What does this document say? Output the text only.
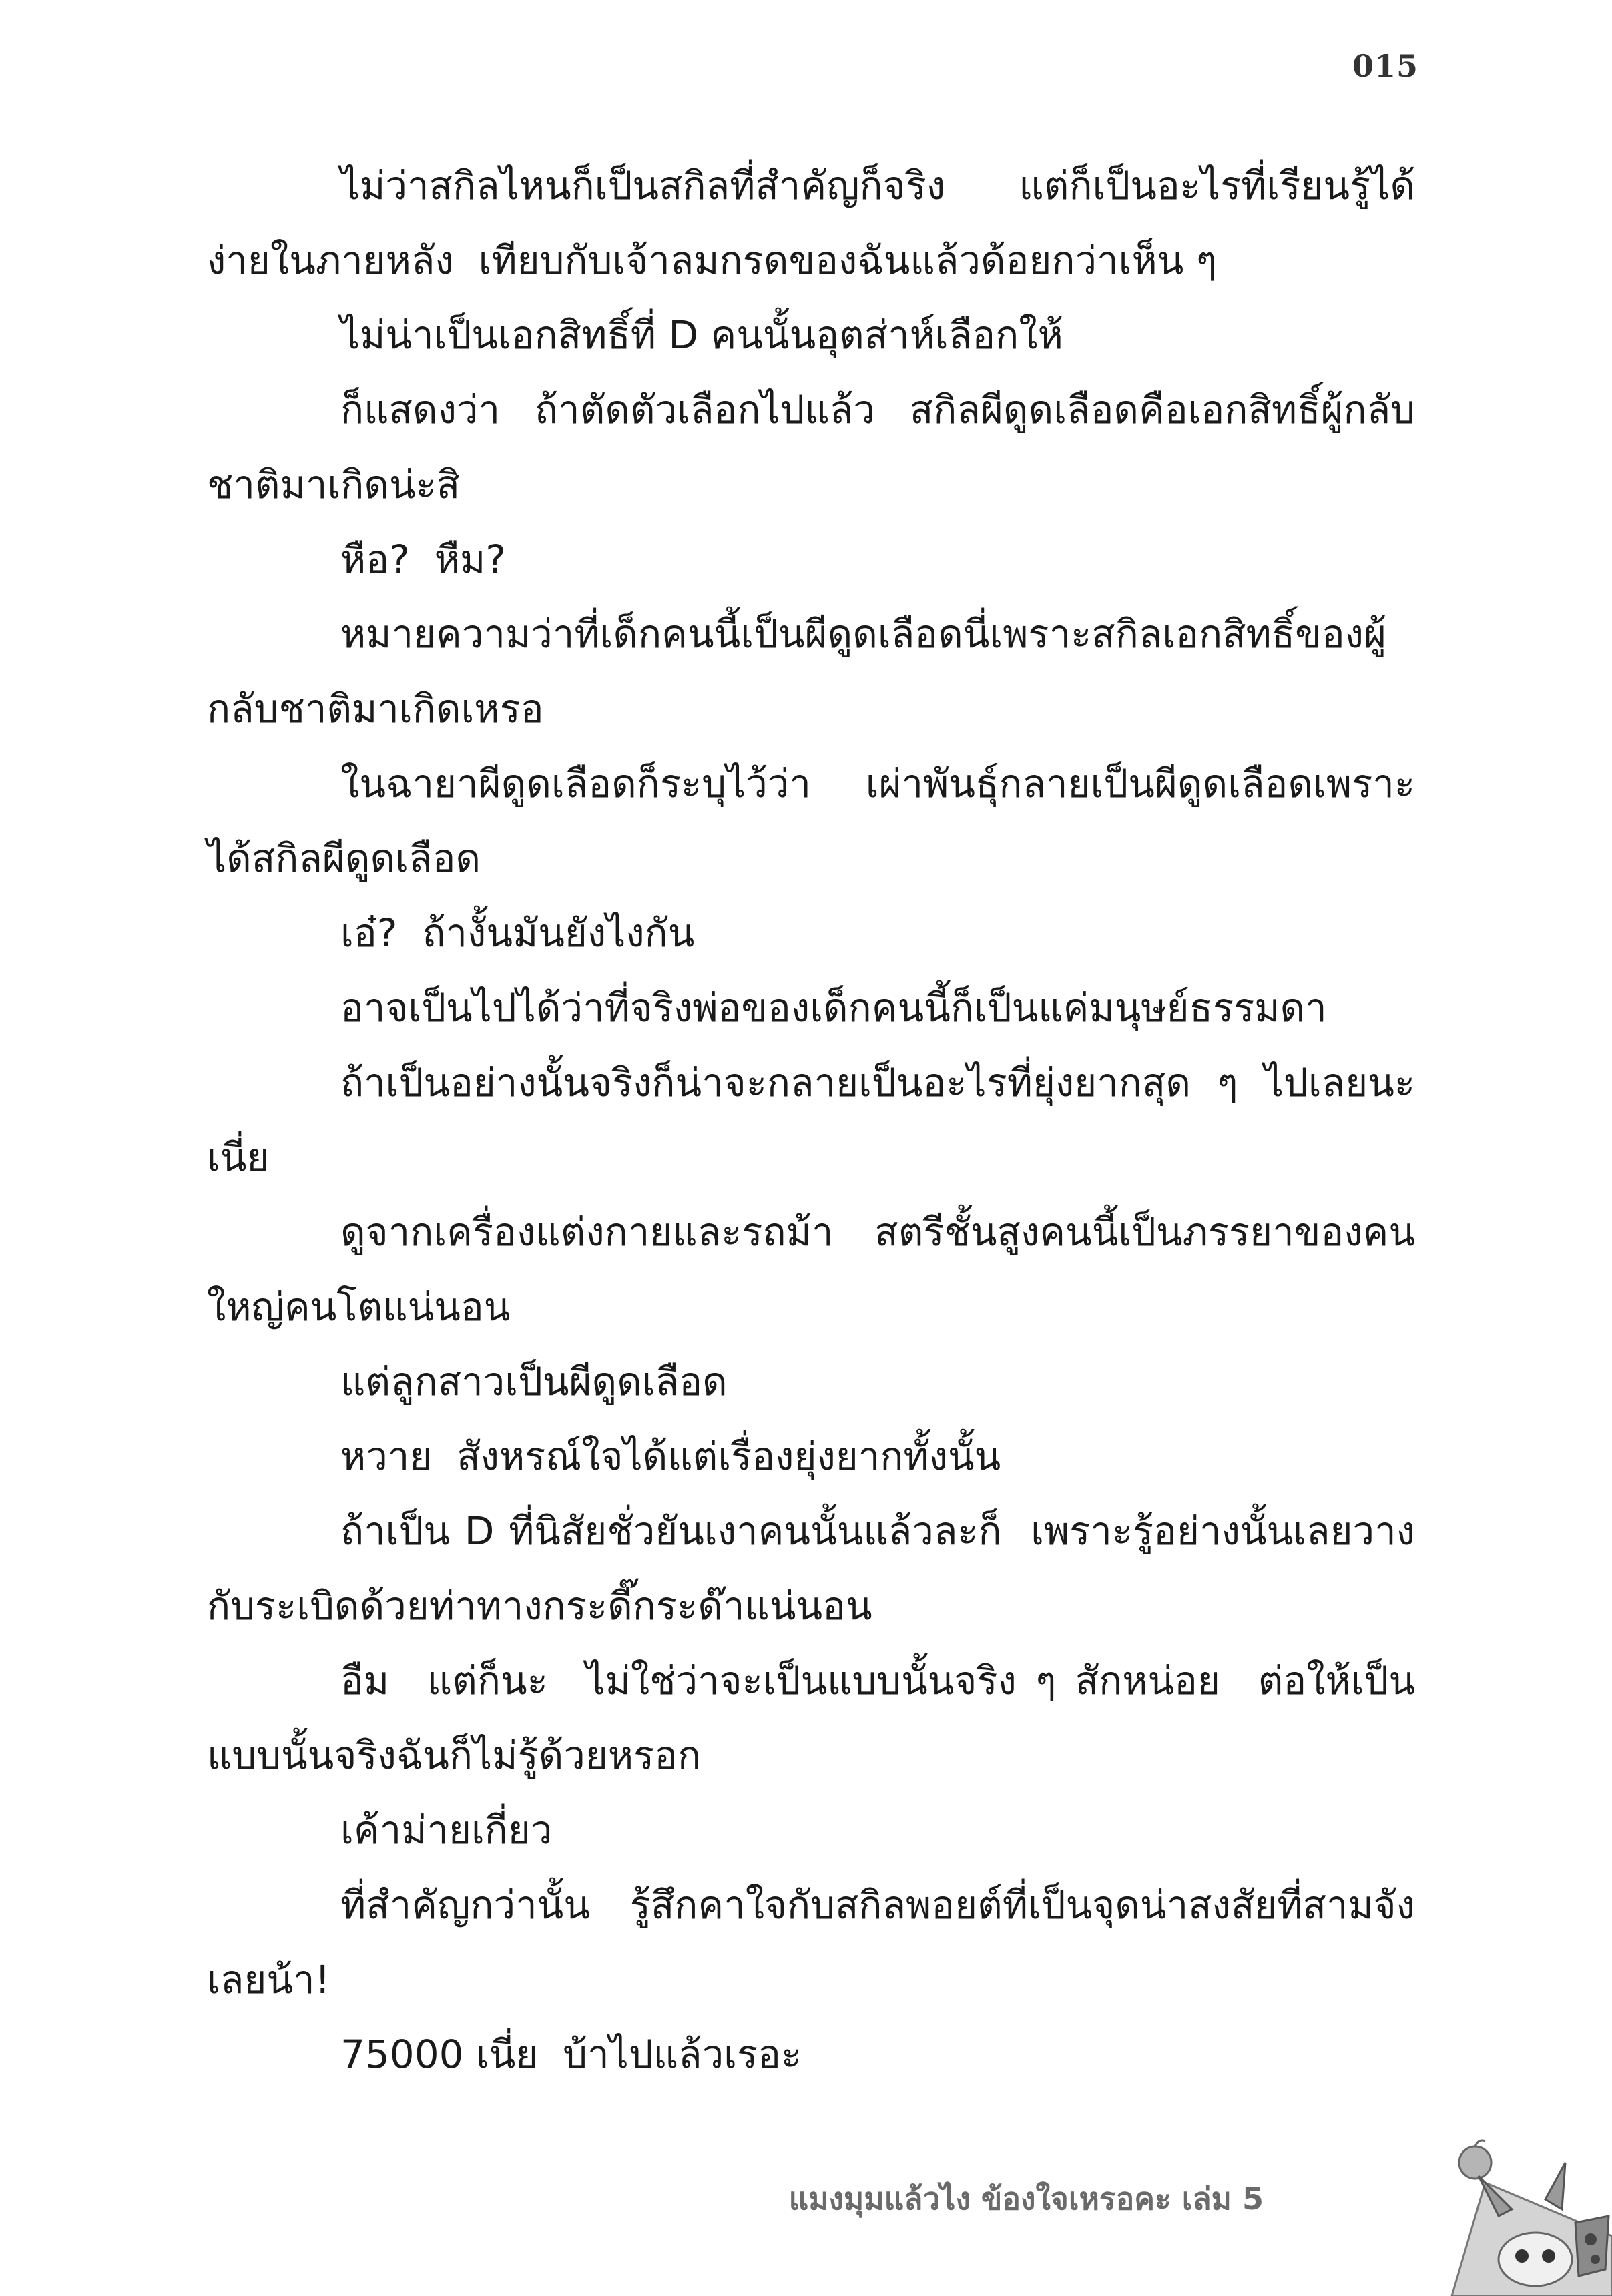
015

ไม่ว่าสกิลไหนก็เป็นสกิลที่สำคัญก็จริง  แต่ก็เป็นอะไรที่เรียนรู้ได้ง่ายในภายหลัง  เทียบกับเจ้าลมกรดของฉันแล้วด้อยกว่าเห็น ๆ

ไม่น่าเป็นเอกสิทธิ์ที่ D คนนั้นอุตส่าห์เลือกให้

ก็แสดงว่า  ถ้าตัดตัวเลือกไปแล้ว  สกิลผีดูดเลือดคือเอกสิทธิ์ผู้กลับชาติมาเกิดน่ะสิ

หือ?  หืม?

หมายความว่าที่เด็กคนนี้เป็นผีดูดเลือดนี่เพราะสกิลเอกสิทธิ์ของผู้กลับชาติมาเกิดเหรอ

ในฉายาผีดูดเลือดก็ระบุไว้ว่า  เผ่าพันธุ์กลายเป็นผีดูดเลือดเพราะได้สกิลผีดูดเลือด

เอ๋?  ถ้างั้นมันยังไงกัน

อาจเป็นไปได้ว่าที่จริงพ่อของเด็กคนนี้ก็เป็นแค่มนุษย์ธรรมดา

ถ้าเป็นอย่างนั้นจริงก็น่าจะกลายเป็นอะไรที่ยุ่งยากสุด ๆ ไปเลยนะเนี่ย

ดูจากเครื่องแต่งกายและรถม้า  สตรีชั้นสูงคนนี้เป็นภรรยาของคนใหญ่คนโตแน่นอน

แต่ลูกสาวเป็นผีดูดเลือด

หวาย  สังหรณ์ใจได้แต่เรื่องยุ่งยากทั้งนั้น

ถ้าเป็น D ที่นิสัยชั่วยันเงาคนนั้นแล้วละก็  เพราะรู้อย่างนั้นเลยวางกับระเบิดด้วยท่าทางกระดี๊กระด๊าแน่นอน

อืม  แต่ก็นะ  ไม่ใช่ว่าจะเป็นแบบนั้นจริง ๆ สักหน่อย  ต่อให้เป็นแบบนั้นจริงฉันก็ไม่รู้ด้วยหรอก

เค้าม่ายเกี่ยว

ที่สำคัญกว่านั้น  รู้สึกคาใจกับสกิลพอยต์ที่เป็นจุดน่าสงสัยที่สามจังเลยน้า!

75000 เนี่ย  บ้าไปแล้วเรอะ

แมงมุมแล้วไง ข้องใจเหรอคะ เล่ม 5
